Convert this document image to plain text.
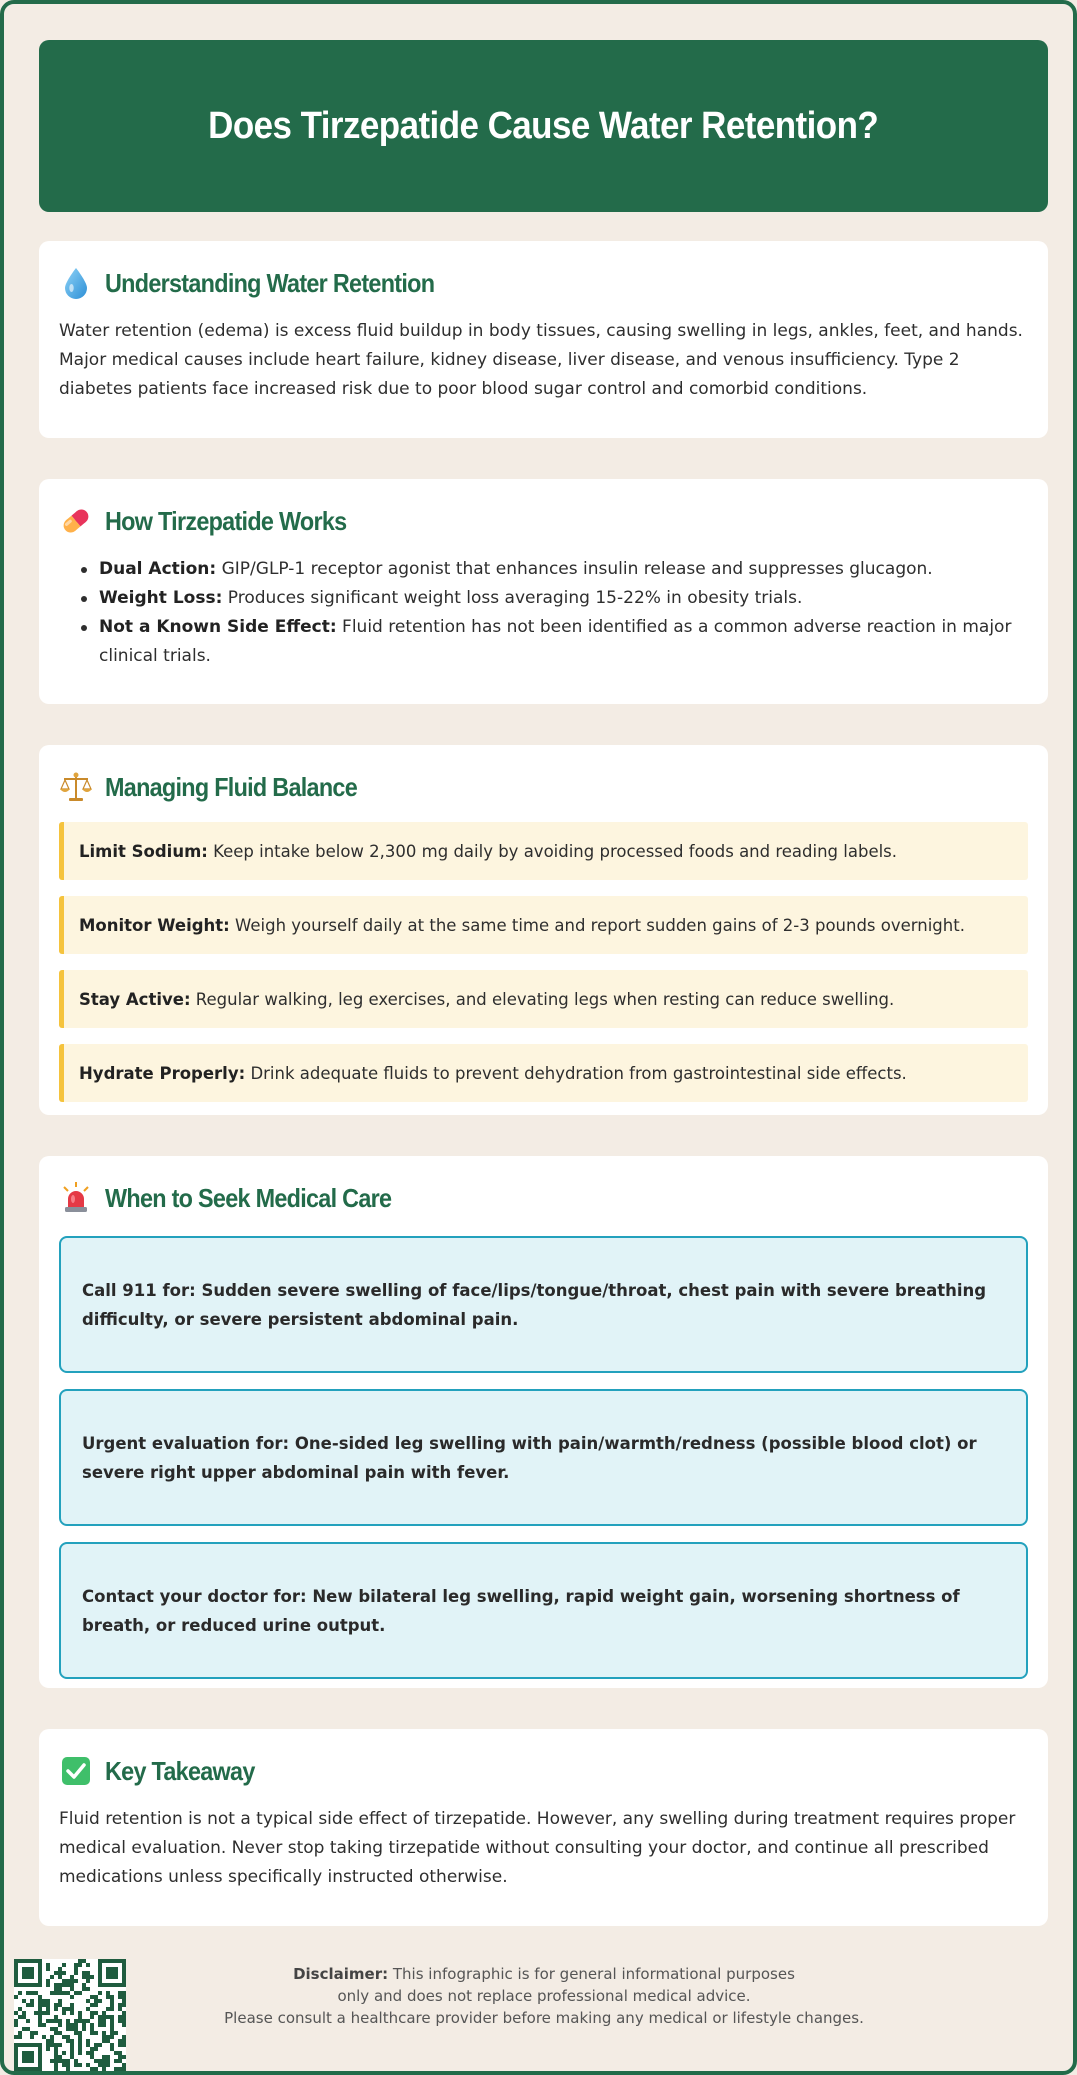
Does Tirzepatide Cause Water Retention?
Understanding Water Retention

Water retention (edema) is excess fluid buildup in body tissues, causing swelling in legs, ankles, feet, and hands. Major medical causes include heart failure, kidney disease, liver disease, and venous insufficiency. Type 2 diabetes patients face increased risk due to poor blood sugar control and comorbid conditions.

How Tirzepatide Works
Dual Action: GIP/GLP-1 receptor agonist that enhances insulin release and suppresses glucagon.
Weight Loss: Produces significant weight loss averaging 15-22% in obesity trials.
Not a Known Side Effect: Fluid retention has not been identified as a common adverse reaction in major clinical trials.
Managing Fluid Balance
Limit Sodium: Keep intake below 2,300 mg daily by avoiding processed foods and reading labels.
Monitor Weight: Weigh yourself daily at the same time and report sudden gains of 2-3 pounds overnight.
Stay Active: Regular walking, leg exercises, and elevating legs when resting can reduce swelling.
Hydrate Properly: Drink adequate fluids to prevent dehydration from gastrointestinal side effects.
When to Seek Medical Care
Call 911 for: Sudden severe swelling of face/lips/tongue/throat, chest pain with severe breathing difficulty, or severe persistent abdominal pain.
Urgent evaluation for: One-sided leg swelling with pain/warmth/redness (possible blood clot) or severe right upper abdominal pain with fever.
Contact your doctor for: New bilateral leg swelling, rapid weight gain, worsening shortness of breath, or reduced urine output.
Key Takeaway

Fluid retention is not a typical side effect of tirzepatide. However, any swelling during treatment requires proper medical evaluation. Never stop taking tirzepatide without consulting your doctor, and continue all prescribed medications unless specifically instructed otherwise.

Disclaimer: This infographic is for general informational purposes
only and does not replace professional medical advice.
Please consult a healthcare provider before making any medical or lifestyle changes.
